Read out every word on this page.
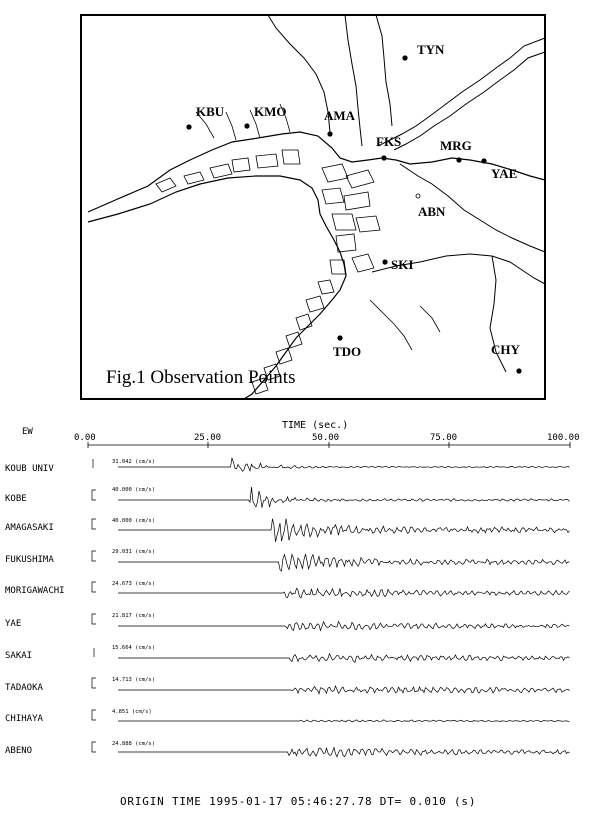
TYN
KBU KMO	AMA
FKS	MRG
YAE
ABN
SKI
TDO	CHY
Fig.1 Observation Points
TIME (sec.)
EW
0.00	25.00	50.00	75.00	100.00
KOUB UNIV
31.042 (cm/s)
KOBE
40.000 (cm/s)
AMAGASAKI
40.000 (cm/s)
FUKUSHIMA
29.031 (cm/s)
MORIGAWACHI
24.673 (cm/s)
YAE
21.817 (cm/s)
SAKAI
15.664 (cm/s)
TADAOKA
14.713 (cm/s)
CHIHAYA
4.851 (cm/s)
ABENO
24.888 (cm/s)
ORIGIN TIME 1995-01-17 05:46:27.78 DT= 0.010 (s)
